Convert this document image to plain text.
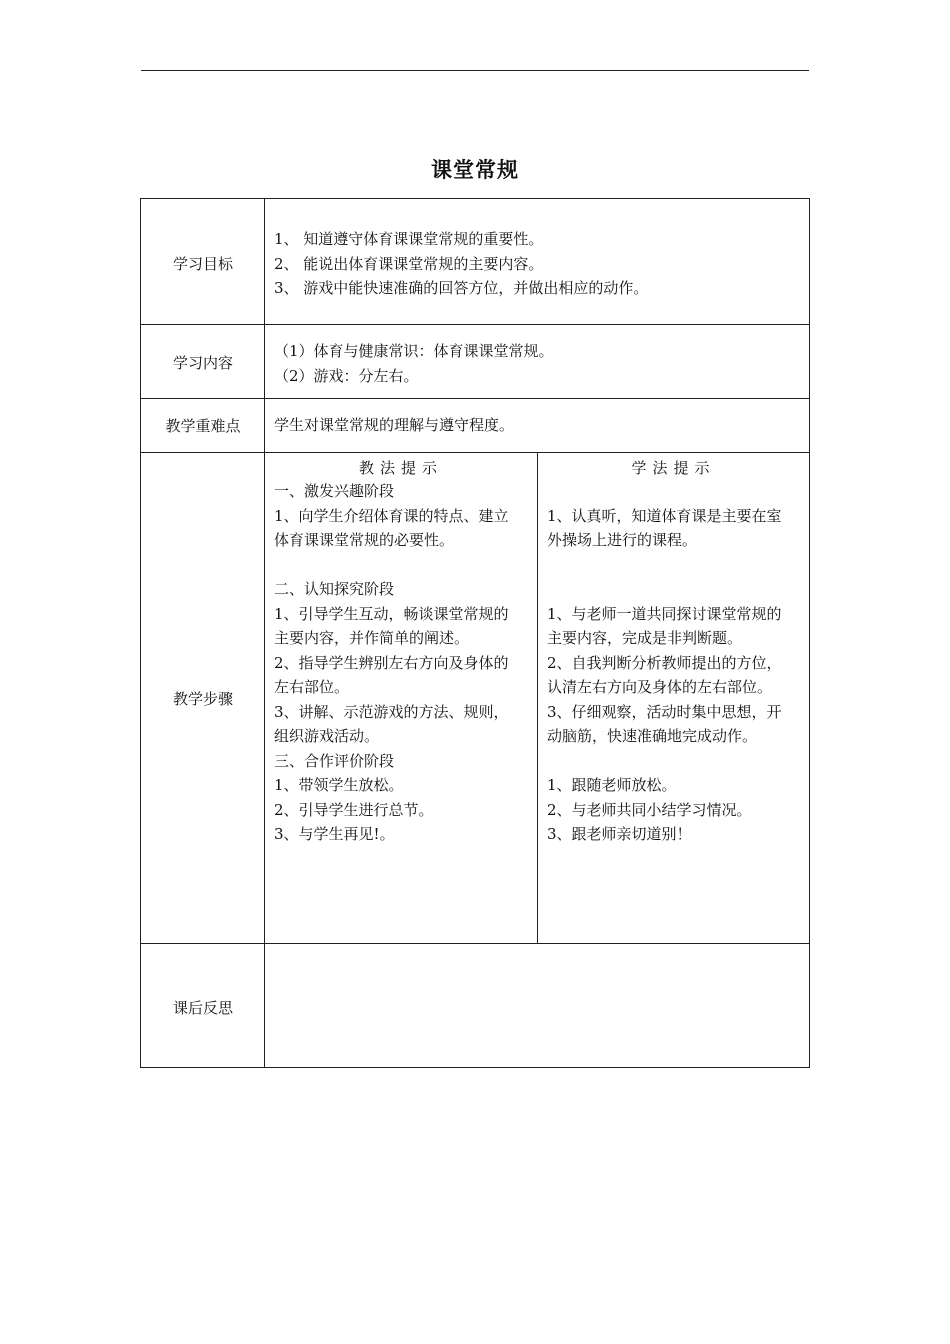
课堂常规
学习目标
1、 知道遵守体育课课堂常规的重要性。
2、 能说出体育课课堂常规的主要内容。
3、 游戏中能快速准确的回答方位，并做出相应的动作。
学习内容
（1）体育与健康常识：体育课课堂常规。
（2）游戏：分左右。
教学重难点	学生对课堂常规的理解与遵守程度。
教学步骤
教法提示	学法提示
一、激发兴趣阶段
1、向学生介绍体育课的特点、建立
体育课课堂常规的必要性。
二、认知探究阶段
1、引导学生互动，畅谈课堂常规的
主要内容，并作简单的阐述。
2、指导学生辨别左右方向及身体的
左右部位。
3、讲解、示范游戏的方法、规则，
组织游戏活动。
三、合作评价阶段
1、带领学生放松。
2、引导学生进行总节。
3、与学生再见!。
1、认真听，知道体育课是主要在室
外操场上进行的课程。
1、与老师一道共同探讨课堂常规的
主要内容，完成是非判断题。
2、自我判断分析教师提出的方位，
认清左右方向及身体的左右部位。
3、仔细观察，活动时集中思想，开
动脑筋，快速准确地完成动作。
1、跟随老师放松。
2、与老师共同小结学习情况。
3、跟老师亲切道别！
课后反思
